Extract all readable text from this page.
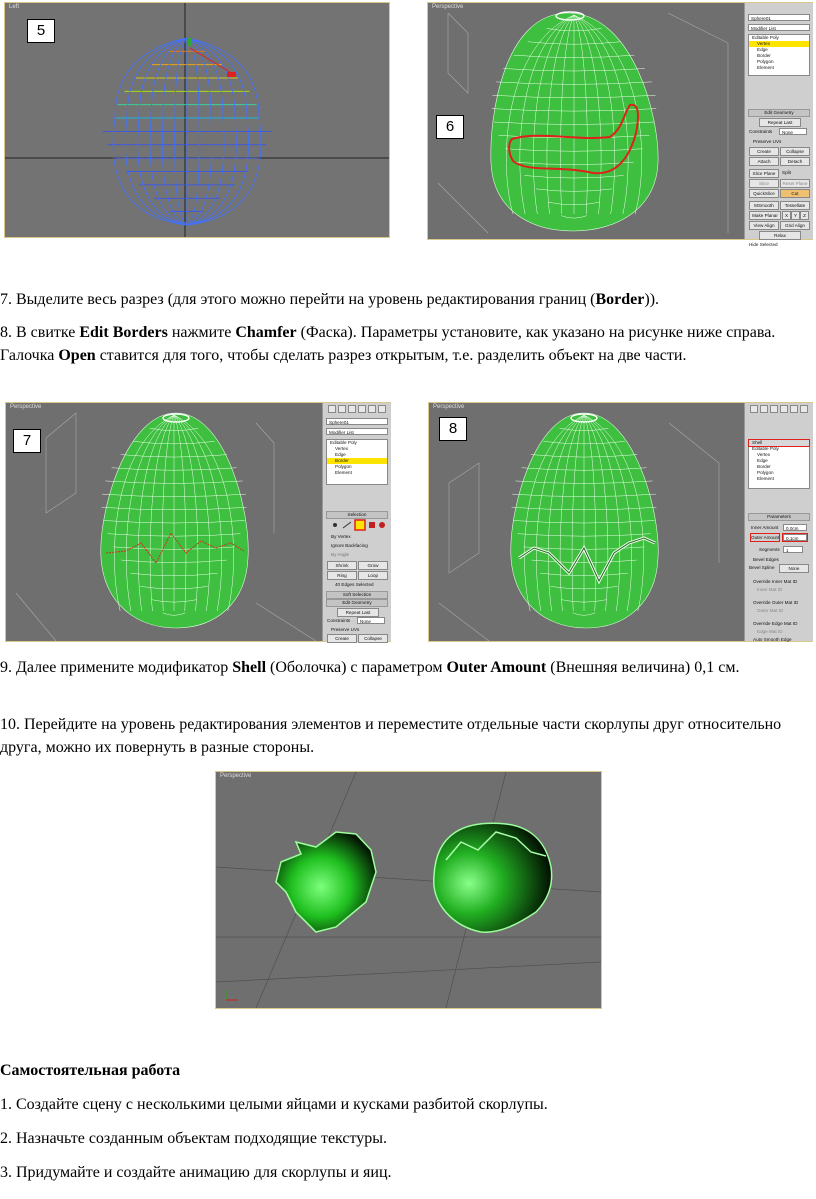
Left
5
Perspective
6
Sphere01
Modifier List
Editable Poly
Vertex
Edge
Border
Polygon
Element
Edit Geometry
Repeat Last
Constraints	None
Preserve UVs
Create	Collapse
Attach	Detach
Slice Plane	Split
Slice	Reset Plane
QuickSlice	Cut
MSmooth	Tessellate
Make Planar	X	Y	Z
View Align	Grid Align
Relax
Hide Selected

7. Выделите весь разрез (для этого можно перейти на уровень редактирования границ (Border)).

8. В свитке Edit Borders нажмите Chamfer (Фаска). Параметры установите, как указано на рисунке ниже справа. Галочка Open ставится для того, чтобы сделать разрез открытым, т.е. разделить объект на две части.

Perspective
7
Sphere01
Modifier List
Editable Poly
Vertex
Edge
Border
Polygon
Element
Selection
By Vertex
Ignore Backfacing
By Angle
Shrink	Grow
Ring	Loop
40 Edges Selected
Soft Selection
Edit Geometry
Repeat Last
Constraints	None
Preserve UVs
Create	Collapse
Perspective
8
Shell
Editable Poly
Vertex
Edge
Border
Polygon
Element
Parameters
Inner Amount	0.0cm
Outer Amount	0.1cm
Segments	1
Bevel Edges
Bevel Spline	None
Override Inner Mat ID
Inner Mat ID
Override Outer Mat ID
Outer Mat ID
Override Edge Mat ID
Edge Mat ID
Auto Smooth Edge

9. Далее примените модификатор Shell (Оболочка) с параметром Outer Amount (Внешняя величина) 0,1 см.

10. Перейдите на уровень редактирования элементов и переместите отдельные части скорлупы друг относительно друга, можно их повернуть в разные стороны.

Perspective

Самостоятельная работа

1. Создайте сцену с несколькими целыми яйцами и кусками разбитой скорлупы.

2. Назначьте созданным объектам подходящие текстуры.

3. Придумайте и создайте анимацию для скорлупы и яиц.
